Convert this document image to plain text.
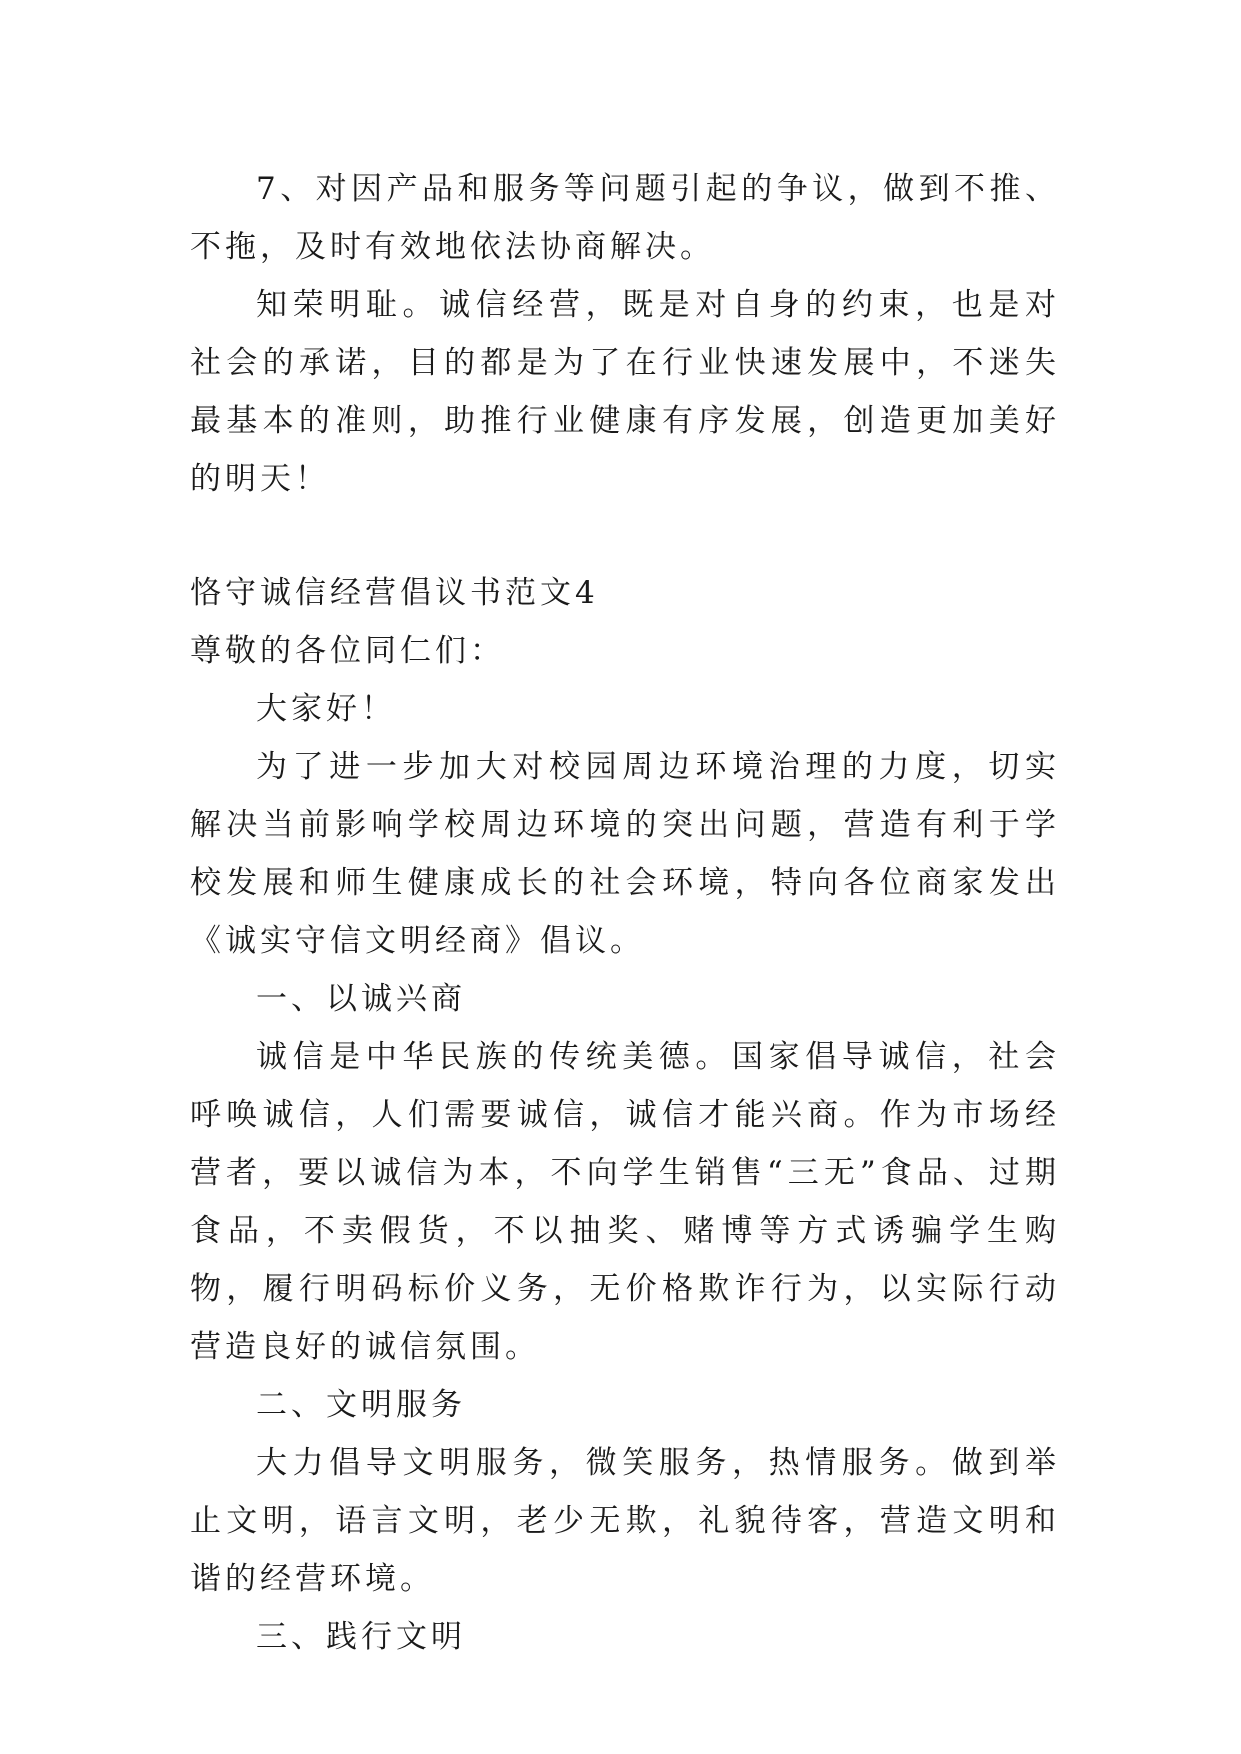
7、对因产品和服务等问题引起的争议，做到不推、不拖，及时有效地依法协商解决。

知荣明耻。诚信经营，既是对自身的约束，也是对社会的承诺，目的都是为了在行业快速发展中，不迷失最基本的准则，助推行业健康有序发展，创造更加美好的明天！

恪守诚信经营倡议书范文4

尊敬的各位同仁们：

大家好！

为了进一步加大对校园周边环境治理的力度，切实解决当前影响学校周边环境的突出问题，营造有利于学校发展和师生健康成长的社会环境，特向各位商家发出《诚实守信文明经商》倡议。

一、以诚兴商

诚信是中华民族的传统美德。国家倡导诚信，社会呼唤诚信，人们需要诚信，诚信才能兴商。作为市场经营者，要以诚信为本，不向学生销售“三无”食品、过期食品，不卖假货，不以抽奖、赌博等方式诱骗学生购物，履行明码标价义务，无价格欺诈行为，以实际行动营造良好的诚信氛围。

二、文明服务

大力倡导文明服务，微笑服务，热情服务。做到举止文明，语言文明，老少无欺，礼貌待客，营造文明和谐的经营环境。

三、践行文明
